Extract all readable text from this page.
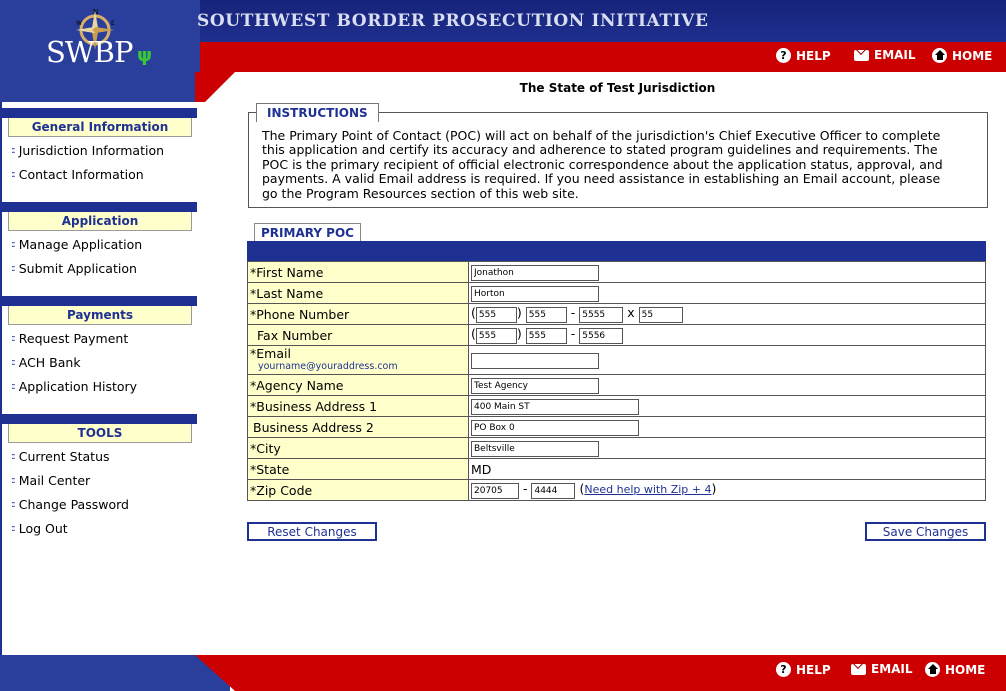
SOUTHWEST BORDER PROSECUTION INITIATIVE
N
W	E
SWBP ψ	? HELP	EMAIL	HOME
General Information
:: Jurisdiction Information
:: Contact Information
Application
:: Manage Application
:: Submit Application
Payments
:: Request Payment
:: ACH Bank
:: Application History
TOOLS
:: Current Status
:: Mail Center
:: Change Password
:: Log Out
The State of Test Jurisdiction
INSTRUCTIONS
The Primary Point of Contact (POC) will act on behalf of the jurisdiction's Chief Executive Officer to complete this application and certify its accuracy and adherence to stated program guidelines and requirements. The POC is the primary recipient of official electronic correspondence about the application status, approval, and payments. A valid Email address is required. If you need assistance in establishing an Email account, please go the Program Resources section of this web site.
PRIMARY POC
*First Name	Jonathon
*Last Name	Horton
*Phone Number	(555 ) 555 - 5555 x 55
Fax Number	(555 ) 555 - 5556

*Email
yourname@youraddress.com

*Agency Name	Test Agency
*Business Address 1	400 Main ST
Business Address 2	PO Box 0
*City	Beltsville
*State	MD
*Zip Code	20705- 4444 (Need help with Zip + 4)
Reset Changes	Save Changes
? HELP	EMAIL	HOME
